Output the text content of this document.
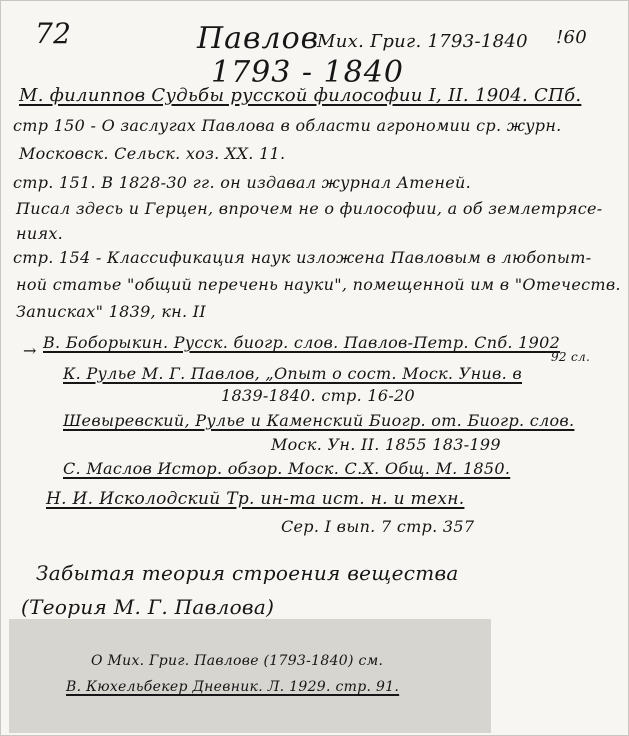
72	Павлов
Мих. Григ. 1793-1840 !60
1793 - 1840
М. филиппов Судьбы русской философии I, II. 1904. СПб.
стр 150 - О заслугах Павлова в области агрономии ср. журн.
Московск. Сельск. хоз. XX. 11.
стр. 151. В 1828-30 гг. он издавал журнал Атеней.
Писал здесь и Герцен, впрочем не о философии, а об землетрясе-
ниях.
стр. 154 - Классификация наук изложена Павловым в любопыт-
ной статье "общий перечень науки", помещенной им в "Отечеств.
Записках" 1839, кн. II
→ В. Боборыкин. Русск. биогр. слов. Павлов-Петр. Спб. 1902
92 сл.
К. Рулье М. Г. Павлов, „Опыт о сост. Моск. Унив. в
1839-1840. стр. 16-20
Шевыревский, Рулье и Каменский Биогр. от. Биогр. слов.
Моск. Ун. II. 1855 183-199
С. Маслов Истор. обзор. Моск. С.Х. Общ. М. 1850.
Н. И. Исколодский Тр. ин-та ист. н. и техн.
Сер. I вып. 7 стр. 357
Забытая теория строения вещества
(Теория М. Г. Павлова)
О Мих. Григ. Павлове (1793-1840) см.
В. Кюхельбекер Дневник. Л. 1929. стр. 91.
